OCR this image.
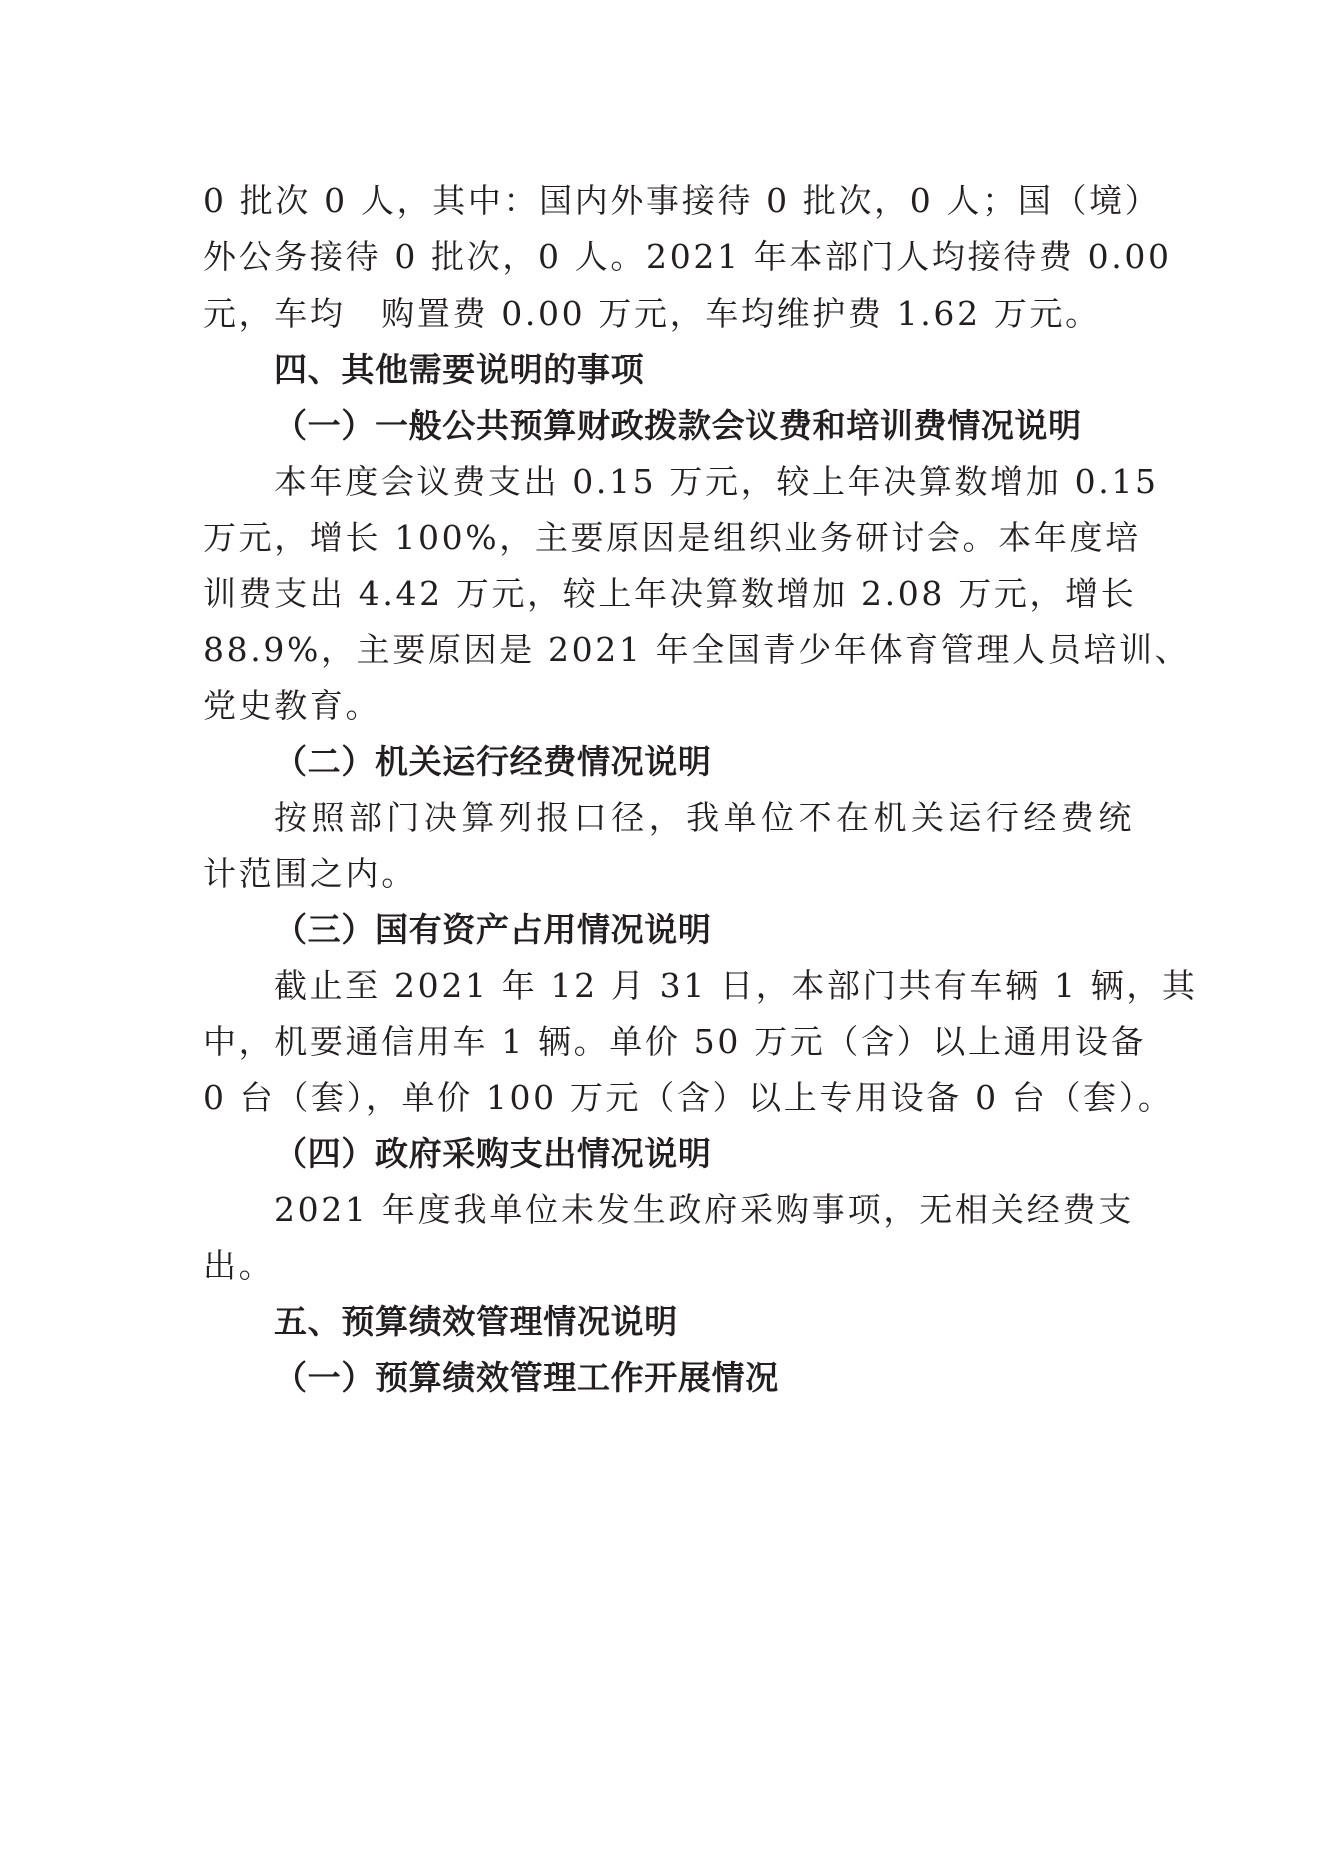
0 批次 0 人，其中：国内外事接待 0 批次，0 人；国（境）
外公务接待 0 批次，0 人。2021 年本部门人均接待费 0.00
元，车均　购置费 0.00 万元，车均维护费 1.62 万元。
四、其他需要说明的事项
（一）一般公共预算财政拨款会议费和培训费情况说明
本年度会议费支出 0.15 万元，较上年决算数增加 0.15
万元，增长 100%，主要原因是组织业务研讨会。本年度培
训费支出 4.42 万元，较上年决算数增加 2.08 万元，增长
88.9%，主要原因是 2021 年全国青少年体育管理人员培训、
党史教育。
（二）机关运行经费情况说明
按照部门决算列报口径，我单位不在机关运行经费统
计范围之内。
（三）国有资产占用情况说明
截止至 2021 年 12 月 31 日，本部门共有车辆 1 辆，其
中，机要通信用车 1 辆。单价 50 万元（含）以上通用设备
0 台（套），单价 100 万元（含）以上专用设备 0 台（套）。
（四）政府采购支出情况说明
2021 年度我单位未发生政府采购事项，无相关经费支
出。
五、预算绩效管理情况说明
（一）预算绩效管理工作开展情况
